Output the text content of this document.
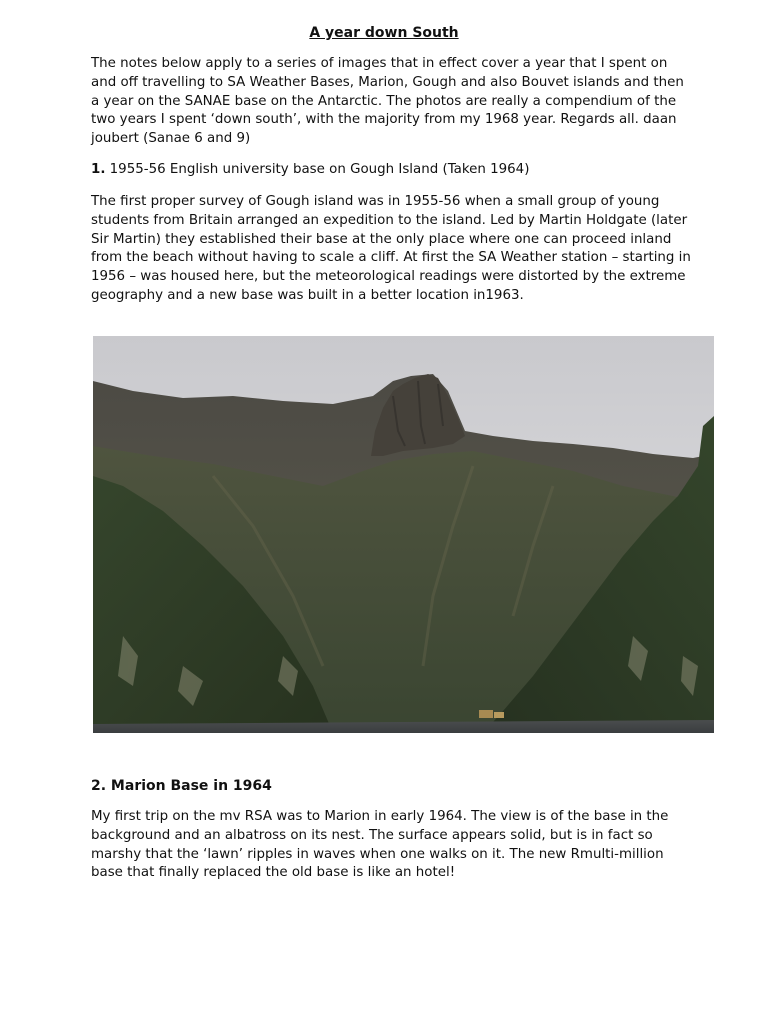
A year down South

The notes below apply to a series of images that in effect cover a year that I spent on and off travelling to SA Weather Bases, Marion, Gough and also Bouvet islands and then a year on the SANAE base on the Antarctic. The photos are really a compendium of the two years I spent ‘down south’, with the majority from my 1968 year. Regards all. daan joubert (Sanae 6 and 9)

1. 1955-56 English university base on Gough Island (Taken 1964)

The first proper survey of Gough island was in 1955-56 when a small group of young students from Britain arranged an expedition to the island. Led by Martin Holdgate (later Sir Martin) they established their base at the only place where one can proceed inland from the beach without having to scale a cliff. At first the SA Weather station – starting in 1956 – was housed here, but the meteorological readings were distorted by the extreme geography and a new base was built in a better location in1963.

2. Marion Base in 1964

My first trip on the mv RSA was to Marion in early 1964. The view is of the base in the background and an albatross on its nest. The surface appears solid, but is in fact so marshy that the ‘lawn’ ripples in waves when one walks on it. The new Rmulti-million base that finally replaced the old base is like an hotel!
